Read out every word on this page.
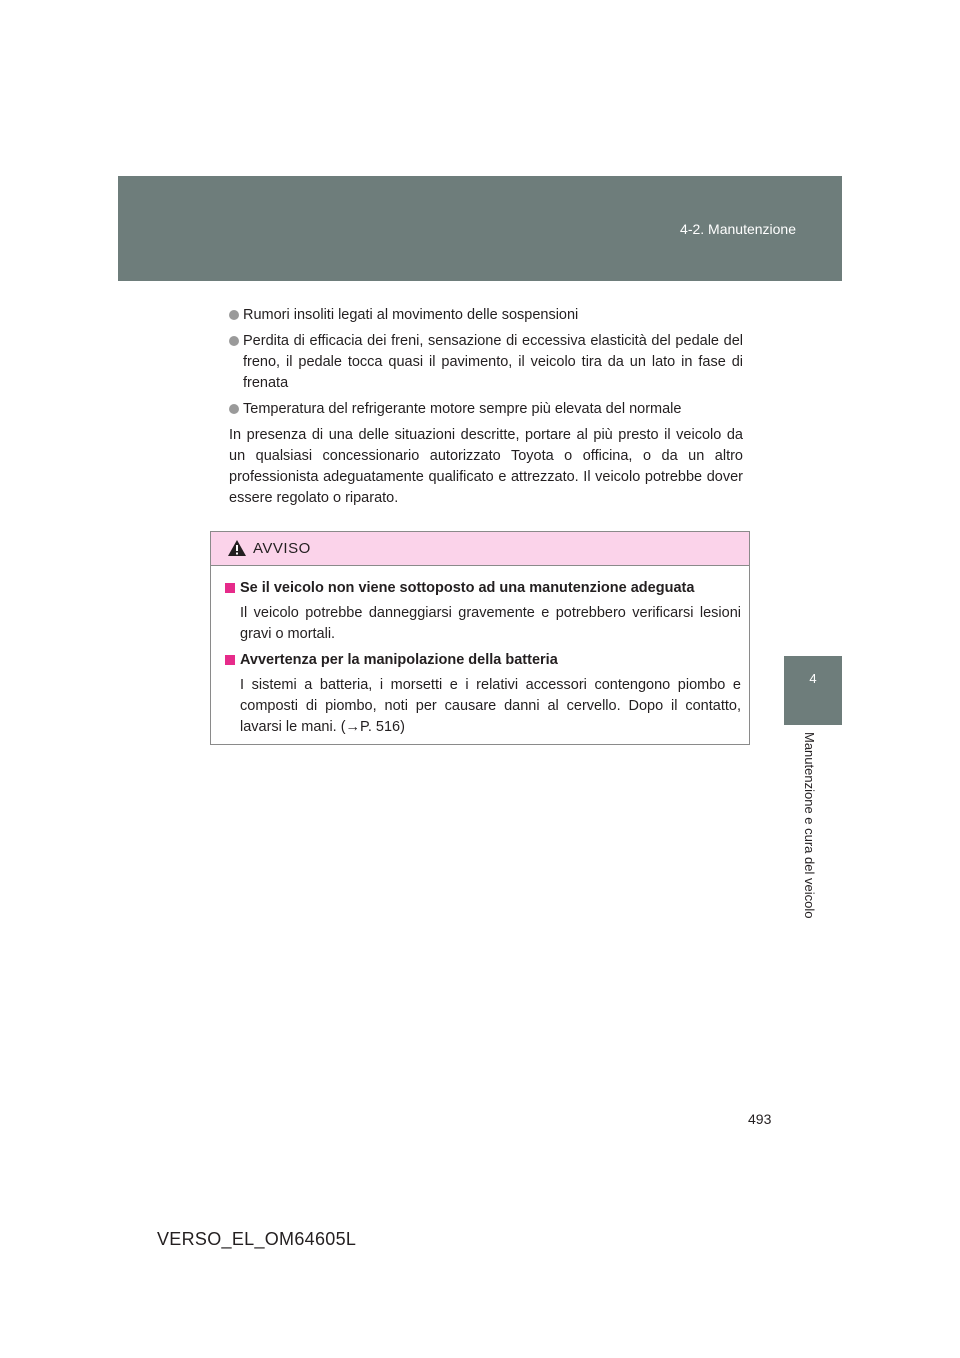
4-2. Manutenzione
4
Manutenzione e cura del veicolo
Rumori insoliti legati al movimento delle sospensioni
Perdita di efficacia dei freni, sensazione di eccessiva elasticità del pedale del freno, il pedale tocca quasi il pavimento, il veicolo tira da un lato in fase di frenata
Temperatura del refrigerante motore sempre più elevata del normale

In presenza di una delle situazioni descritte, portare al più presto il veicolo da un qualsiasi concessionario autorizzato Toyota o officina, o da un altro professionista adeguatamente qualificato e attrezzato. Il veicolo potrebbe dover essere regolato o riparato.

AVVISO
Se il veicolo non viene sottoposto ad una manutenzione adeguata
Il veicolo potrebbe danneggiarsi gravemente e potrebbero verificarsi lesioni gravi o mortali.
Avvertenza per la manipolazione della batteria
I sistemi a batteria, i morsetti e i relativi accessori contengono piombo e composti di piombo, noti per causare danni al cervello. Dopo il contatto, lavarsi le mani. (→P. 516)
493
VERSO_EL_OM64605L
